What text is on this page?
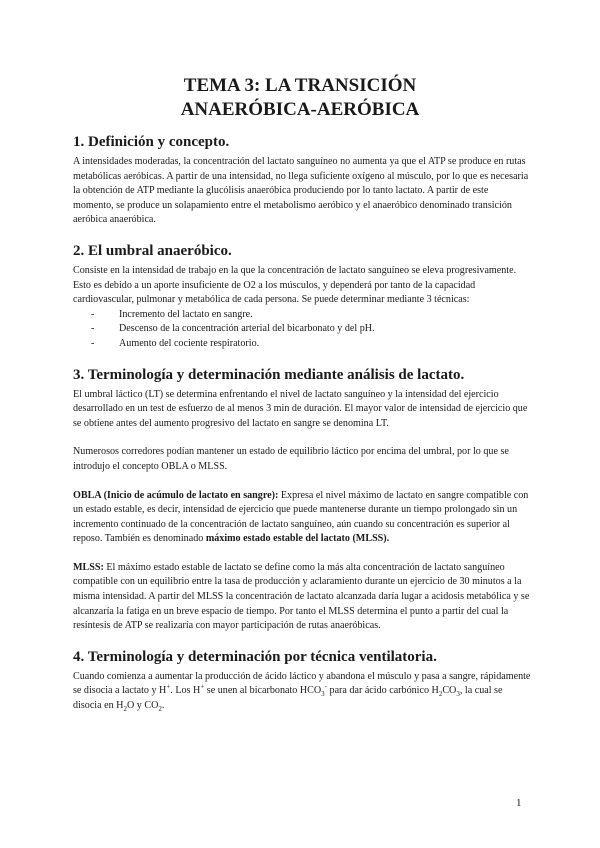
TEMA 3: LA TRANSICIÓN
ANAERÓBICA-AERÓBICA
1. Definición y concepto.

A intensidades moderadas, la concentración del lactato sanguíneo no aumenta ya que el ATP se produce en rutas metabólicas aeróbicas. A partir de una intensidad, no llega suficiente oxígeno al músculo, por lo que es necesaria la obtención de ATP mediante la glucólisis anaeróbica produciendo por lo tanto lactato. A partir de este momento, se produce un solapamiento entre el metabolismo aeróbico y el anaeróbico denominado transición aeróbica anaeróbica.

2. El umbral anaeróbico.

Consiste en la intensidad de trabajo en la que la concentración de lactato sanguíneo se eleva progresivamente. Esto es debido a un aporte insuficiente de O2 a los músculos, y dependerá por tanto de la capacidad cardiovascular, pulmonar y metabólica de cada persona. Se puede determinar mediante 3 técnicas:

- Incremento del lactato en sangre.
- Descenso de la concentración arterial del bicarbonato y del pH.
- Aumento del cociente respiratorio.
3. Terminología y determinación mediante análisis de lactato.

El umbral láctico (LT) se determina enfrentando el nivel de lactato sanguíneo y la intensidad del ejercicio desarrollado en un test de esfuerzo de al menos 3 min de duración. El mayor valor de intensidad de ejercicio que se obtiene antes del aumento progresivo del lactato en sangre se denomina LT.

Numerosos corredores podían mantener un estado de equilibrio láctico por encima del umbral, por lo que se introdujo el concepto OBLA o MLSS.

OBLA (Inicio de acúmulo de lactato en sangre): Expresa el nivel máximo de lactato en sangre compatible con un estado estable, es decir, intensidad de ejercicio que puede mantenerse durante un tiempo prolongado sin un incremento continuado de la concentración de lactato sanguíneo, aún cuando su concentración es superior al reposo. También es denominado máximo estado estable del lactato (MLSS).

MLSS: El máximo estado estable de lactato se define como la más alta concentración de lactato sanguíneo compatible con un equilibrio entre la tasa de producción y aclaramiento durante un ejercicio de 30 minutos a la misma intensidad. A partir del MLSS la concentración de lactato alcanzada daría lugar a acidosis metabólica y se alcanzaría la fatiga en un breve espacio de tiempo. Por tanto el MLSS determina el punto a partir del cual la resíntesis de ATP se realizaría con mayor participación de rutas anaeróbicas.

4. Terminología y determinación por técnica ventilatoria.

Cuando comienza a aumentar la producción de ácido láctico y abandona el músculo y pasa a sangre, rápidamente se disocia a lactato y H+. Los H+ se unen al bicarbonato $HCO_3^-$ para dar ácido carbónico $H_2CO_3$, la cual se disocia en $H_2O$ y $CO_2$.

1
